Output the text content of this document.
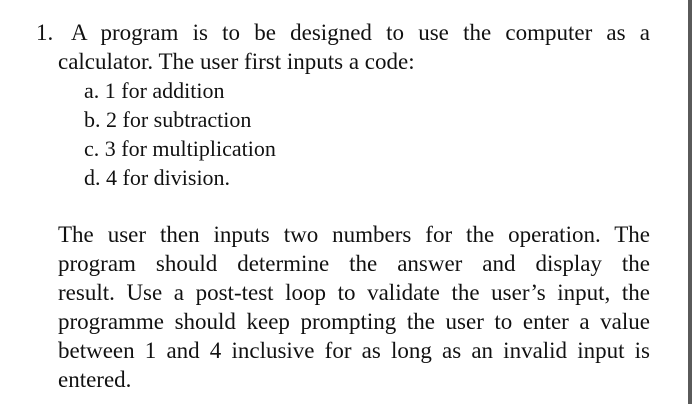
1. A program is to be designed to use the computer as a
calculator. The user first inputs a code:
a. 1 for addition
b. 2 for subtraction
c. 3 for multiplication
d. 4 for division.
The user then inputs two numbers for the operation. The
program should determine the answer and display the
result. Use a post-test loop to validate the user’s input, the
programme should keep prompting the user to enter a value
between 1 and 4 inclusive for as long as an invalid input is
entered.
